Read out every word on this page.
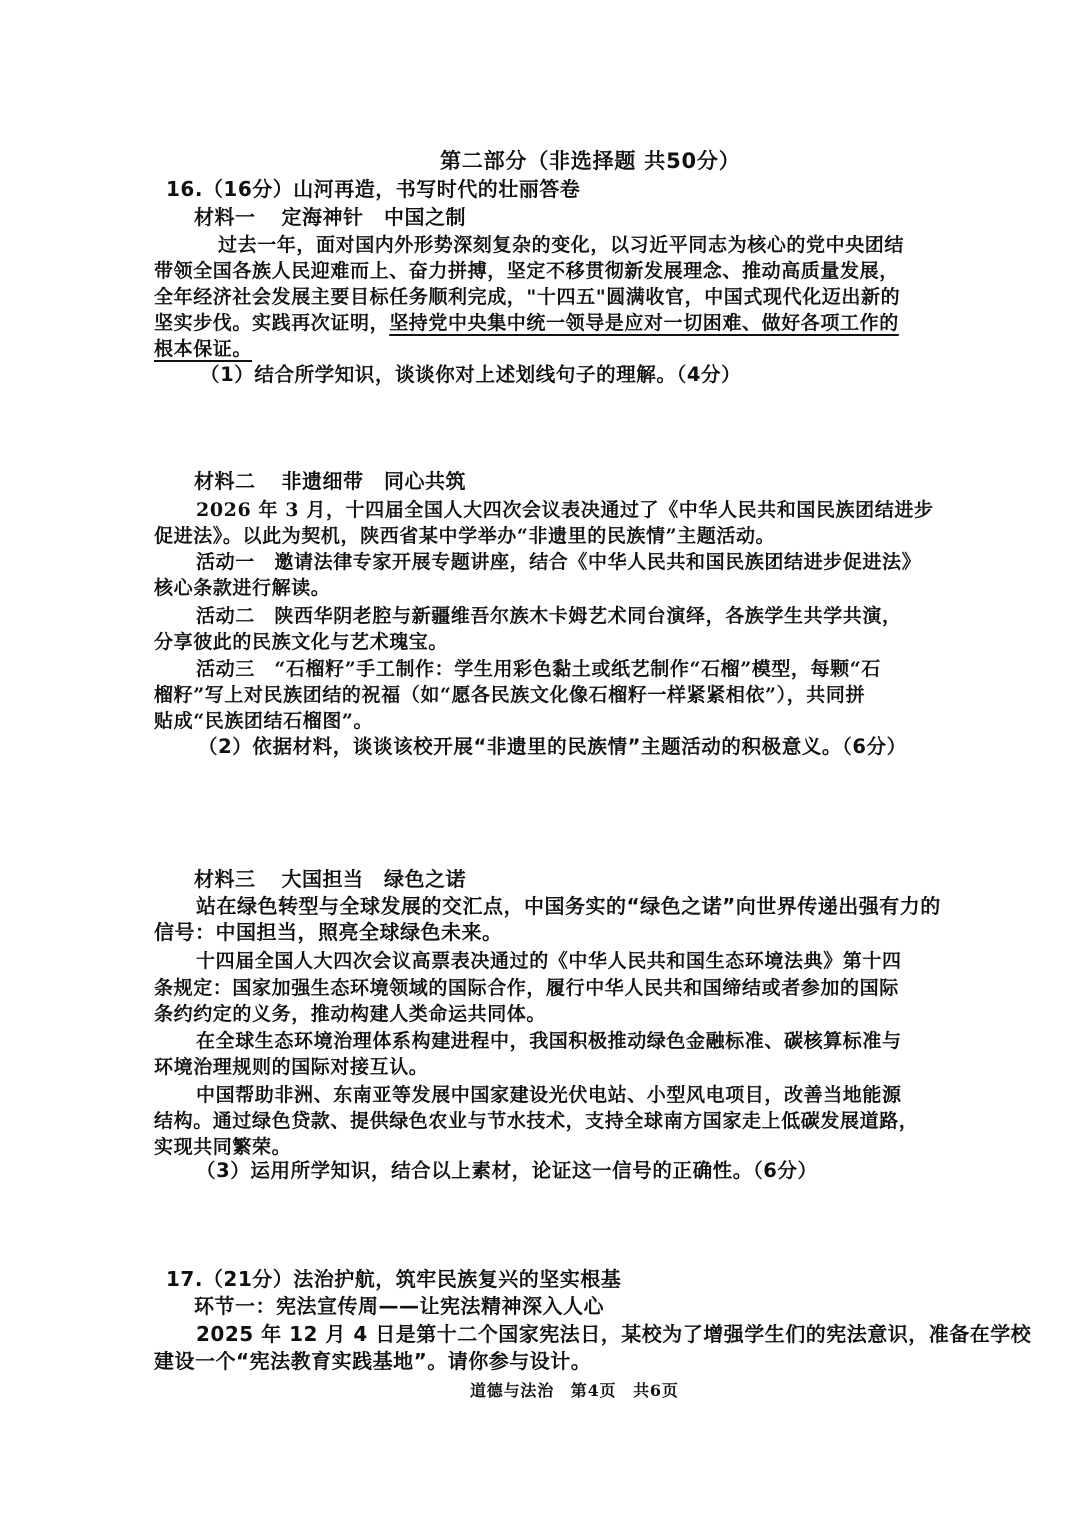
第二部分（非选择题 共50分）
16.（16分）山河再造，书写时代的壮丽答卷
材料一 定海神针　中国之制
过去一年，面对国内外形势深刻复杂的变化，以习近平同志为核心的党中央团结
带领全国各族人民迎难而上、奋力拼搏，坚定不移贯彻新发展理念、推动高质量发展，
全年经济社会发展主要目标任务顺利完成，"十四五"圆满收官，中国式现代化迈出新的
坚实步伐。实践再次证明，坚持党中央集中统一领导是应对一切困难、做好各项工作的
根本保证。
（1）结合所学知识，谈谈你对上述划线句子的理解。（4分）
材料二 非遗细带　同心共筑
2026 年 3 月，十四届全国人大四次会议表决通过了《中华人民共和国民族团结进步
促进法》。以此为契机，陕西省某中学举办“非遗里的民族情”主题活动。
活动一　邀请法律专家开展专题讲座，结合《中华人民共和国民族团结进步促进法》
核心条款进行解读。
活动二　陕西华阴老腔与新疆维吾尔族木卡姆艺术同台演绎，各族学生共学共演，
分享彼此的民族文化与艺术瑰宝。
活动三　“石榴籽”手工制作：学生用彩色黏土或纸艺制作“石榴”模型，每颗“石
榴籽”写上对民族团结的祝福（如“愿各民族文化像石榴籽一样紧紧相依”），共同拼
贴成“民族团结石榴图”。
（2）依据材料，谈谈该校开展“非遗里的民族情”主题活动的积极意义。（6分）
材料三 大国担当　绿色之诺
站在绿色转型与全球发展的交汇点，中国务实的“绿色之诺”向世界传递出强有力的
信号：中国担当，照亮全球绿色未来。
十四届全国人大四次会议高票表决通过的《中华人民共和国生态环境法典》第十四
条规定：国家加强生态环境领域的国际合作，履行中华人民共和国缔结或者参加的国际
条约约定的义务，推动构建人类命运共同体。
在全球生态环境治理体系构建进程中，我国积极推动绿色金融标准、碳核算标准与
环境治理规则的国际对接互认。
中国帮助非洲、东南亚等发展中国家建设光伏电站、小型风电项目，改善当地能源
结构。通过绿色贷款、提供绿色农业与节水技术，支持全球南方国家走上低碳发展道路，
实现共同繁荣。
（3）运用所学知识，结合以上素材，论证这一信号的正确性。（6分）
17.（21分）法治护航，筑牢民族复兴的坚实根基
环节一：宪法宣传周——让宪法精神深入人心
2025 年 12 月 4 日是第十二个国家宪法日，某校为了增强学生们的宪法意识，准备在学校
建设一个“宪法教育实践基地”。请你参与设计。
道德与法治　第4页　共6页
